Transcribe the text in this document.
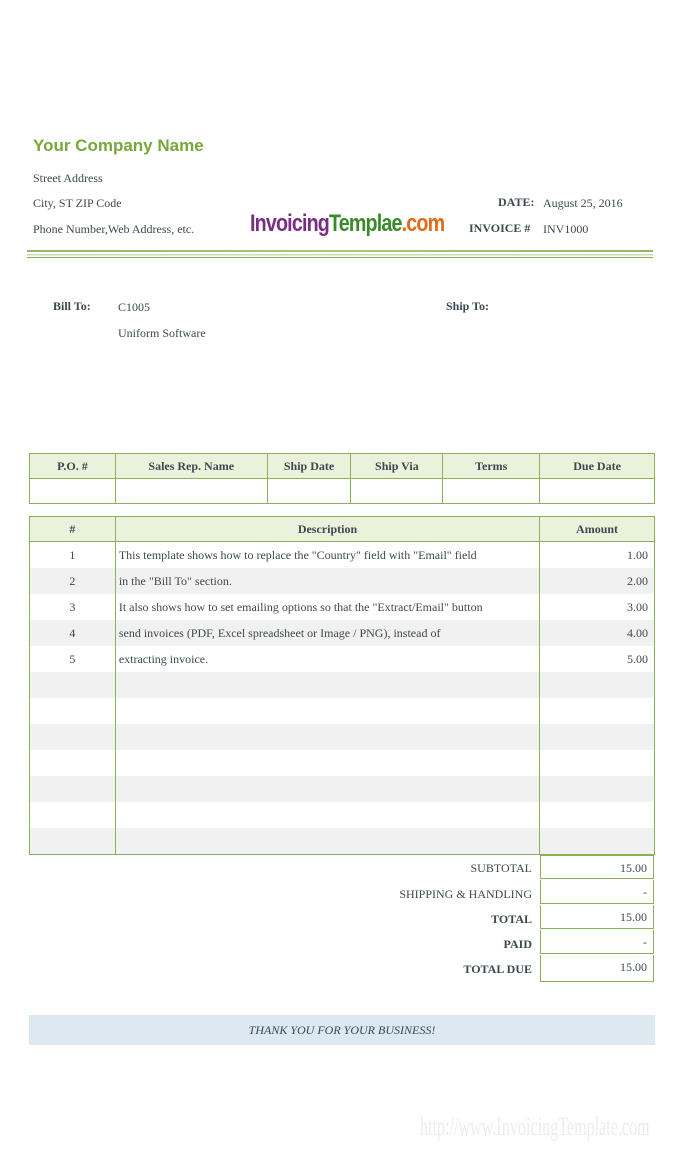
Your Company Name
Street Address
City, ST ZIP Code
Phone Number,Web Address, etc. InvoicingTemplae.com
DATE: August 25, 2016
INVOICE # INV1000
Bill To: C1005
Uniform Software
Ship To:
P.O. #	Sales Rep. Name	Ship Date	Ship Via	Terms	Due Date

#	Description	Amount
1	This template shows how to replace the "Country" field with "Email" field	1.00
2	in the "Bill To" section.	2.00
3	It also shows how to set emailing options so that the "Extract/Email" button	3.00
4	send invoices (PDF, Excel spreadsheet or Image / PNG), instead of	4.00
5	extracting invoice.	5.00

SUBTOTAL	15.00
SHIPPING & HANDLING	-
TOTAL	15.00
PAID	-
TOTAL DUE	15.00
THANK YOU FOR YOUR BUSINESS!
http://www.InvoicingTemplate.com
